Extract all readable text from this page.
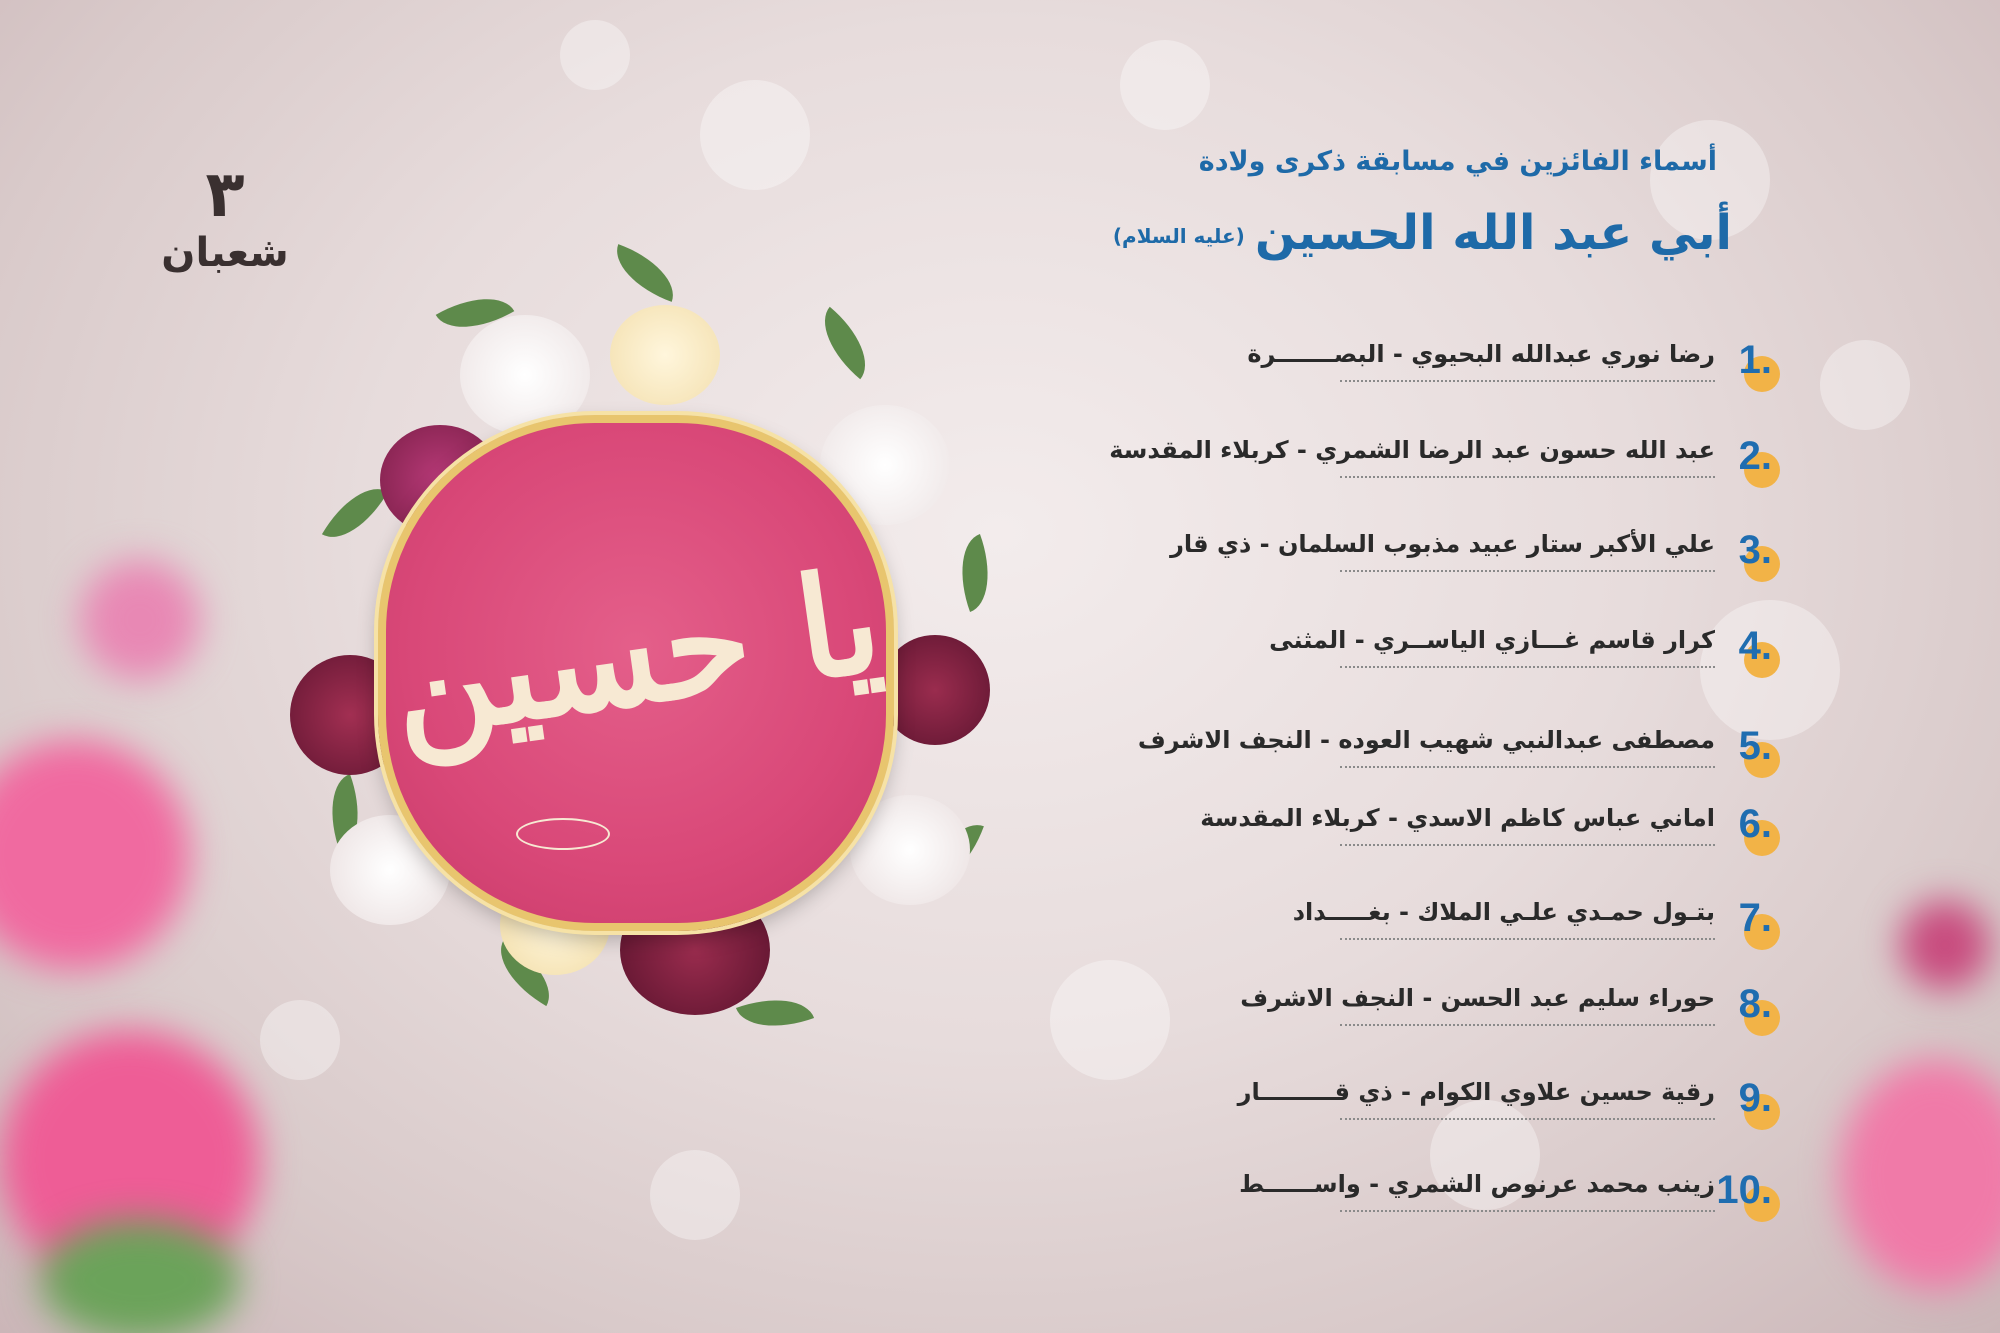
٣
شعبان
يا حسين
أسماء الفائزين في مسابقة ذكرى ولادة
أبي عبد الله الحسين(عليه السلام)
رضا نوري عبدالله البحيوي - البصـــــــرة 1.
عبد الله حسون عبد الرضا الشمري - كربلاء المقدسة 2.
علي الأكبر ستار عبيد مذبوب السلمان - ذي قار 3.
كرار قاسم غـــازي الياســري - المثنى 4.
مصطفى عبدالنبي شهيب العوده - النجف الاشرف 5.
اماني عباس كاظم الاسدي - كربلاء المقدسة 6.
بتـول حمـدي علـي الملاك - بغـــــداد 7.
حوراء سليم عبد الحسن - النجف الاشرف 8.
رقية حسين علاوي الكوام - ذي قـــــــــار 9.
زينب محمد عرنوص الشمري - واســــــط 10.
